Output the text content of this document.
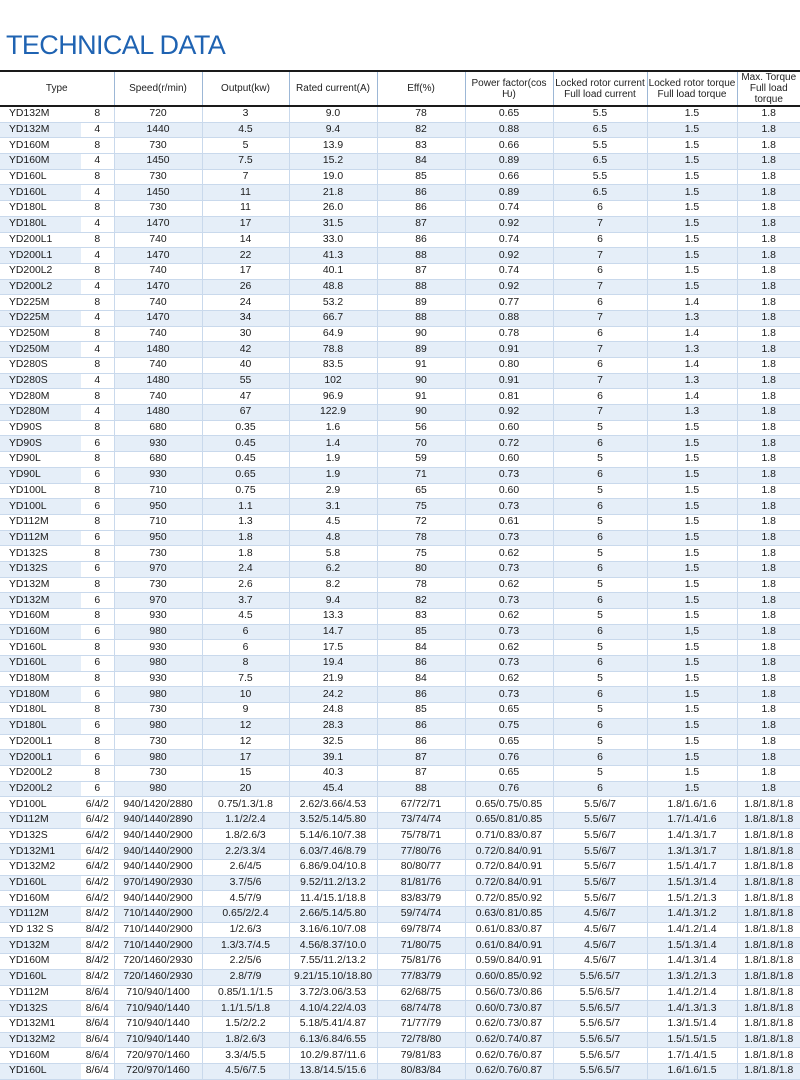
TECHNICAL DATA
Type		Speed(r/min)	Output(kw)	Rated current(A)	Eff(%)	Power factor(cos Ƕ)	Locked rotor current
Full load current	Locked rotor torque
Full load torque	Max. Torque
Full load torque
YD132M	8	720	3	9.0	78	0.65	5.5	1.5	1.8
YD132M	4	1440	4.5	9.4	82	0.88	6.5	1.5	1.8
YD160M	8	730	5	13.9	83	0.66	5.5	1.5	1.8
YD160M	4	1450	7.5	15.2	84	0.89	6.5	1.5	1.8
YD160L	8	730	7	19.0	85	0.66	5.5	1.5	1.8
YD160L	4	1450	11	21.8	86	0.89	6.5	1.5	1.8
YD180L	8	730	11	26.0	86	0.74	6	1.5	1.8
YD180L	4	1470	17	31.5	87	0.92	7	1.5	1.8
YD200L1	8	740	14	33.0	86	0.74	6	1.5	1.8
YD200L1	4	1470	22	41.3	88	0.92	7	1.5	1.8
YD200L2	8	740	17	40.1	87	0.74	6	1.5	1.8
YD200L2	4	1470	26	48.8	88	0.92	7	1.5	1.8
YD225M	8	740	24	53.2	89	0.77	6	1.4	1.8
YD225M	4	1470	34	66.7	88	0.88	7	1.3	1.8
YD250M	8	740	30	64.9	90	0.78	6	1.4	1.8
YD250M	4	1480	42	78.8	89	0.91	7	1.3	1.8
YD280S	8	740	40	83.5	91	0.80	6	1.4	1.8
YD280S	4	1480	55	102	90	0.91	7	1.3	1.8
YD280M	8	740	47	96.9	91	0.81	6	1.4	1.8
YD280M	4	1480	67	122.9	90	0.92	7	1.3	1.8
YD90S	8	680	0.35	1.6	56	0.60	5	1.5	1.8
YD90S	6	930	0.45	1.4	70	0.72	6	1.5	1.8
YD90L	8	680	0.45	1.9	59	0.60	5	1.5	1.8
YD90L	6	930	0.65	1.9	71	0.73	6	1.5	1.8
YD100L	8	710	0.75	2.9	65	0.60	5	1.5	1.8
YD100L	6	950	1.1	3.1	75	0.73	6	1.5	1.8
YD112M	8	710	1.3	4.5	72	0.61	5	1.5	1.8
YD112M	6	950	1.8	4.8	78	0.73	6	1.5	1.8
YD132S	8	730	1.8	5.8	75	0.62	5	1.5	1.8
YD132S	6	970	2.4	6.2	80	0.73	6	1.5	1.8
YD132M	8	730	2.6	8.2	78	0.62	5	1.5	1.8
YD132M	6	970	3.7	9.4	82	0.73	6	1.5	1.8
YD160M	8	930	4.5	13.3	83	0.62	5	1.5	1.8
YD160M	6	980	6	14.7	85	0.73	6	1,5	1.8
YD160L	8	930	6	17.5	84	0.62	5	1.5	1.8
YD160L	6	980	8	19.4	86	0.73	6	1.5	1.8
YD180M	8	930	7.5	21.9	84	0.62	5	1.5	1.8
YD180M	6	980	10	24.2	86	0.73	6	1.5	1.8
YD180L	8	730	9	24.8	85	0.65	5	1.5	1.8
YD180L	6	980	12	28.3	86	0.75	6	1.5	1.8
YD200L1	8	730	12	32.5	86	0.65	5	1.5	1.8
YD200L1	6	980	17	39.1	87	0.76	6	1.5	1.8
YD200L2	8	730	15	40.3	87	0.65	5	1.5	1.8
YD200L2	6	980	20	45.4	88	0.76	6	1.5	1.8
YD100L	6/4/2	940/1420/2880	0.75/1.3/1.8	2.62/3.66/4.53	67/72/71	0.65/0.75/0.85	5.5/6/7	1.8/1.6/1.6	1.8/1.8/1.8
YD112M	6/4/2	940/1440/2890	1.1/2/2.4	3.52/5.14/5.80	73/74/74	0.65/0.81/0.85	5.5/6/7	1.7/1.4/1.6	1.8/1.8/1.8
YD132S	6/4/2	940/1440/2900	1.8/2.6/3	5.14/6.10/7.38	75/78/71	0.71/0.83/0.87	5.5/6/7	1.4/1.3/1.7	1.8/1.8/1.8
YD132M1	6/4/2	940/1440/2900	2.2/3.3/4	6.03/7.46/8.79	77/80/76	0.72/0.84/0.91	5.5/6/7	1.3/1.3/1.7	1.8/1.8/1.8
YD132M2	6/4/2	940/1440/2900	2.6/4/5	6.86/9.04/10.8	80/80/77	0.72/0.84/0.91	5.5/6/7	1.5/1.4/1.7	1.8/1.8/1.8
YD160L	6/4/2	970/1490/2930	3.7/5/6	9.52/11.2/13.2	81/81/76	0.72/0.84/0.91	5.5/6/7	1.5/1.3/1.4	1.8/1.8/1.8
YD160M	6/4/2	940/1440/2900	4.5/7/9	11.4/15.1/18.8	83/83/79	0.72/0.85/0.92	5.5/6/7	1.5/1.2/1.3	1.8/1.8/1.8
YD112M	8/4/2	710/1440/2900	0.65/2/2.4	2.66/5.14/5.80	59/74/74	0.63/0.81/0.85	4.5/6/7	1.4/1.3/1.2	1.8/1.8/1.8
YD 132 S	8/4/2	710/1440/2900	1/2.6/3	3.16/6.10/7.08	69/78/74	0.61/0.83/0.87	4.5/6/7	1.4/1.2/1.4	1.8/1.8/1.8
YD132M	8/4/2	710/1440/2900	1.3/3.7/4.5	4.56/8.37/10.0	71/80/75	0.61/0.84/0.91	4.5/6/7	1.5/1.3/1.4	1.8/1.8/1.8
YD160M	8/4/2	720/1460/2930	2.2/5/6	7.55/11.2/13.2	75/81/76	0.59/0.84/0.91	4.5/6/7	1.4/1.3/1.4	1.8/1.8/1.8
YD160L	8/4/2	720/1460/2930	2.8/7/9	9.21/15.10/18.80	77/83/79	0.60/0.85/0.92	5.5/6.5/7	1.3/1.2/1.3	1.8/1.8/1.8
YD112M	8/6/4	710/940/1400	0.85/1.1/1.5	3.72/3.06/3.53	62/68/75	0.56/0.73/0.86	5.5/6.5/7	1.4/1.2/1.4	1.8/1.8/1.8
YD132S	8/6/4	710/940/1440	1.1/1.5/1.8	4.10/4.22/4.03	68/74/78	0.60/0.73/0.87	5.5/6.5/7	1.4/1.3/1.3	1.8/1.8/1.8
YD132M1	8/6/4	710/940/1440	1.5/2/2.2	5.18/5.41/4.87	71/77/79	0.62/0.73/0.87	5.5/6.5/7	1.3/1.5/1.4	1.8/1.8/1.8
YD132M2	8/6/4	710/940/1440	1.8/2.6/3	6.13/6.84/6.55	72/78/80	0.62/0.74/0.87	5.5/6.5/7	1.5/1.5/1.5	1.8/1.8/1.8
YD160M	8/6/4	720/970/1460	3.3/4/5.5	10.2/9.87/11.6	79/81/83	0.62/0.76/0.87	5.5/6.5/7	1.7/1.4/1.5	1.8/1.8/1.8
YD160L	8/6/4	720/970/1460	4.5/6/7.5	13.8/14.5/15.6	80/83/84	0.62/0.76/0.87	5.5/6.5/7	1.6/1.6/1.5	1.8/1.8/1.8
